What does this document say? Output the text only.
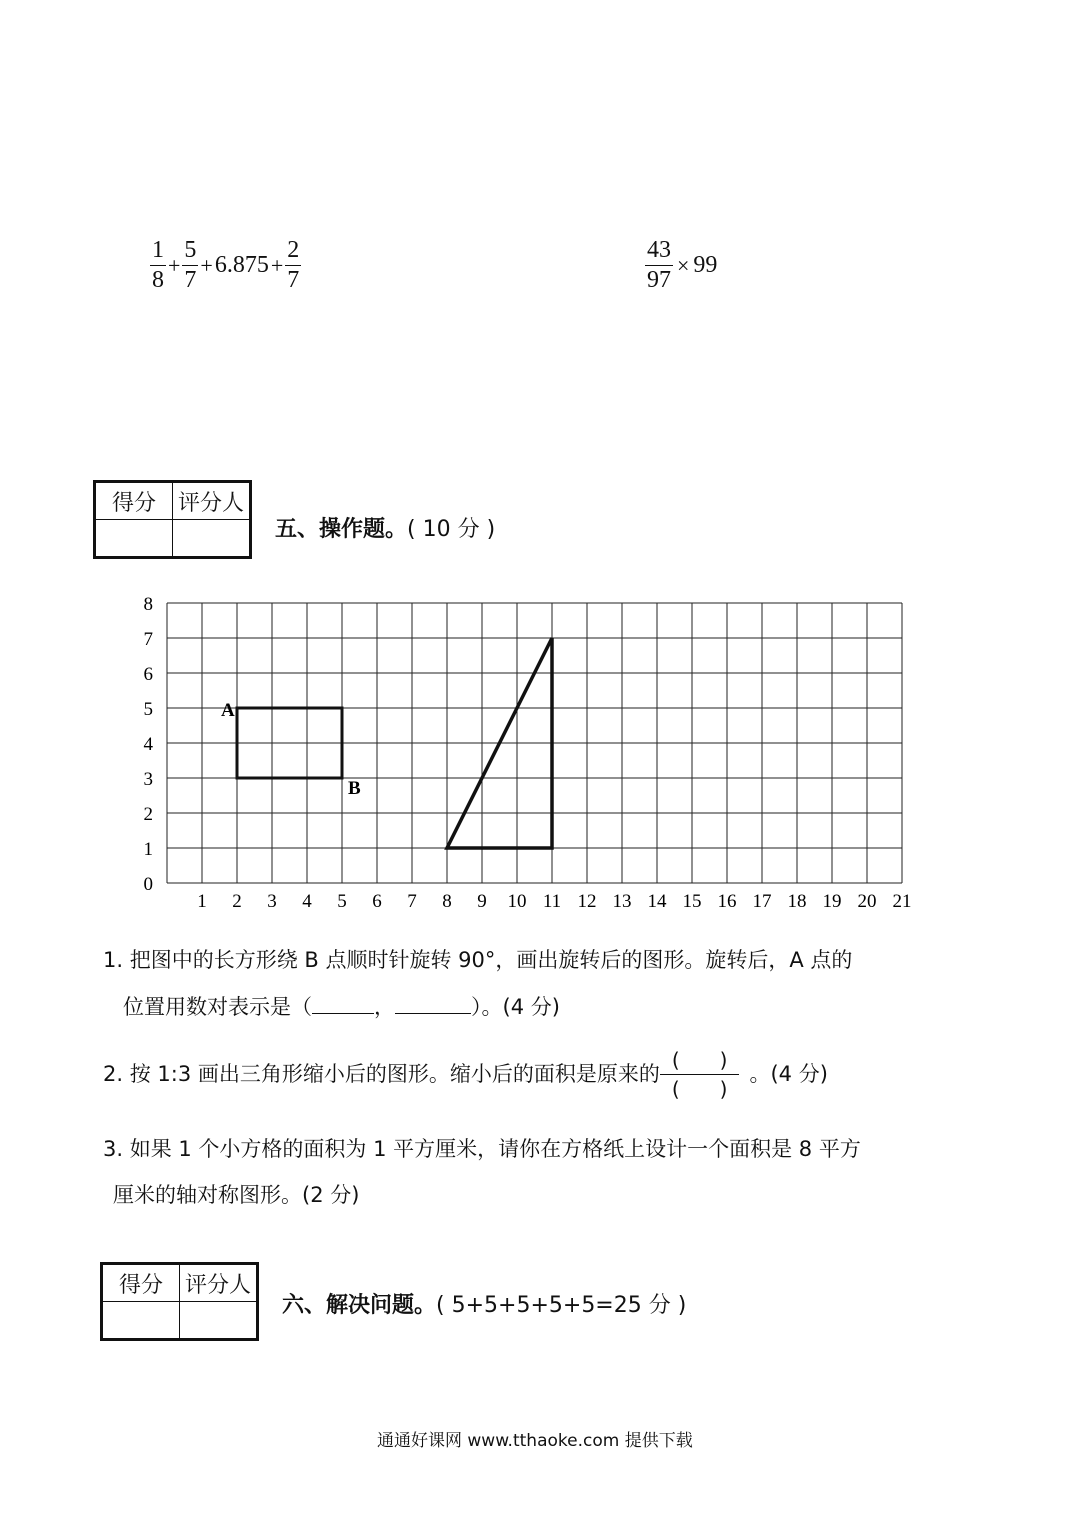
$\frac{1}{8} + \frac{5}{7} + 6.875 + \frac{2}{7}$	$\frac{43}{97} \times 99$
得分	评分人

五、操作题。( 10 分 )
0
1
2
3
4
5
6
7
8
1 2 3 4 5 6 7 8 9 10 11 12 13 14 15 16 17 18 19 20 21
A
B
1. 把图中的长方形绕 B 点顺时针旋转 90°，画出旋转后的图形。旋转后，A 点的
位置用数对表示是（	，	）。(4 分)
2. 按 1:3 画出三角形缩小后的图形。缩小后的面积是原来的 $\frac{( )}{( )}$ 。(4 分)
3. 如果 1 个小方格的面积为 1 平方厘米，请你在方格纸上设计一个面积是 8 平方
厘米的轴对称图形。(2 分)
得分	评分人

六、解决问题。( 5+5+5+5+5=25 分 )
通通好课网 www.tthaoke.com 提供下载
